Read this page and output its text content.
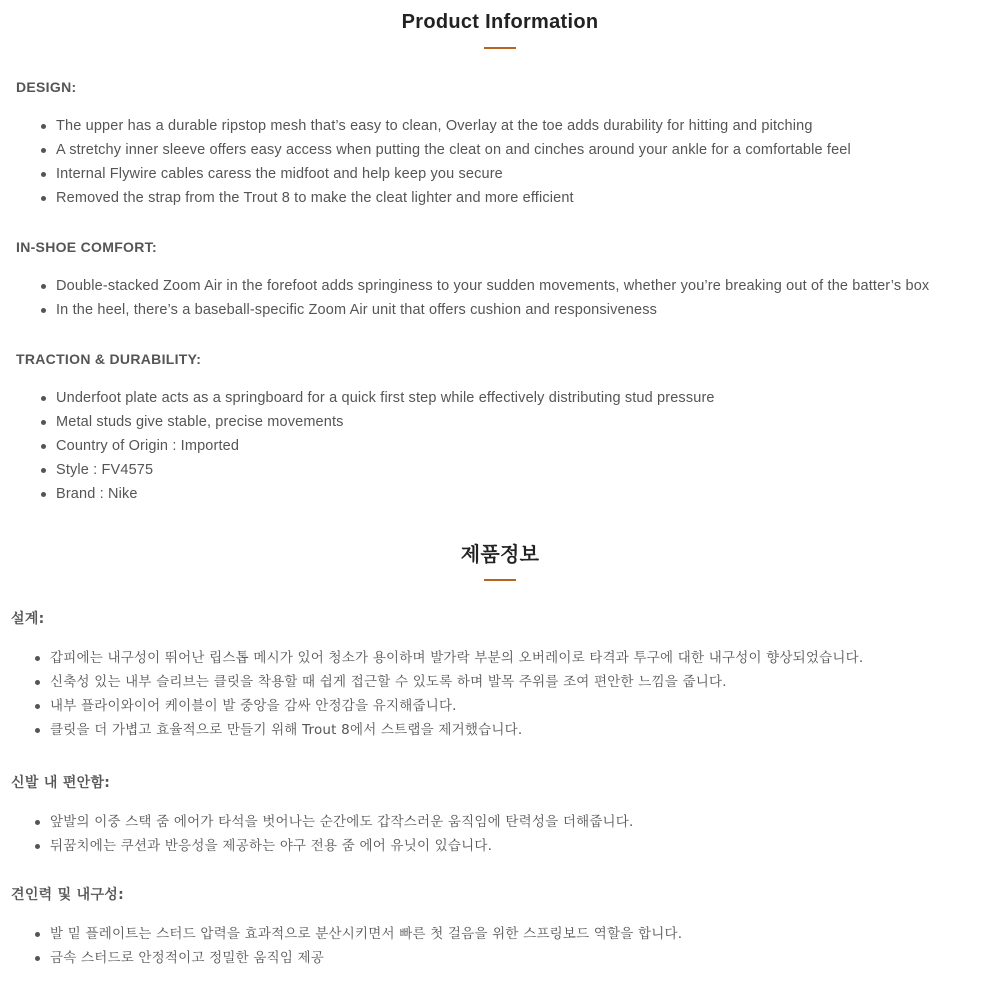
Product Information
DESIGN:
The upper has a durable ripstop mesh that’s easy to clean, Overlay at the toe adds durability for hitting and pitching
A stretchy inner sleeve offers easy access when putting the cleat on and cinches around your ankle for a comfortable feel
Internal Flywire cables caress the midfoot and help keep you secure
Removed the strap from the Trout 8 to make the cleat lighter and more efficient
IN-SHOE COMFORT:
Double-stacked Zoom Air in the forefoot adds springiness to your sudden movements, whether you’re breaking out of the batter’s box
In the heel, there’s a baseball-specific Zoom Air unit that offers cushion and responsiveness
TRACTION & DURABILITY:
Underfoot plate acts as a springboard for a quick first step while effectively distributing stud pressure
Metal studs give stable, precise movements
Country of Origin : Imported
Style : FV4575
Brand : Nike
제품정보
설계:
갑피에는 내구성이 뛰어난 립스톱 메시가 있어 청소가 용이하며 발가락 부분의 오버레이로 타격과 투구에 대한 내구성이 향상되었습니다.
신축성 있는 내부 슬리브는 클릿을 착용할 때 쉽게 접근할 수 있도록 하며 발목 주위를 조여 편안한 느낌을 줍니다.
내부 플라이와이어 케이블이 발 중앙을 감싸 안정감을 유지해줍니다.
클릿을 더 가볍고 효율적으로 만들기 위해 Trout 8에서 스트랩을 제거했습니다.
신발 내 편안함:
앞발의 이중 스택 줌 에어가 타석을 벗어나는 순간에도 갑작스러운 움직임에 탄력성을 더해줍니다.
뒤꿈치에는 쿠션과 반응성을 제공하는 야구 전용 줌 에어 유닛이 있습니다.
견인력 및 내구성:
발 밑 플레이트는 스터드 압력을 효과적으로 분산시키면서 빠른 첫 걸음을 위한 스프링보드 역할을 합니다.
금속 스터드로 안정적이고 정밀한 움직임 제공
